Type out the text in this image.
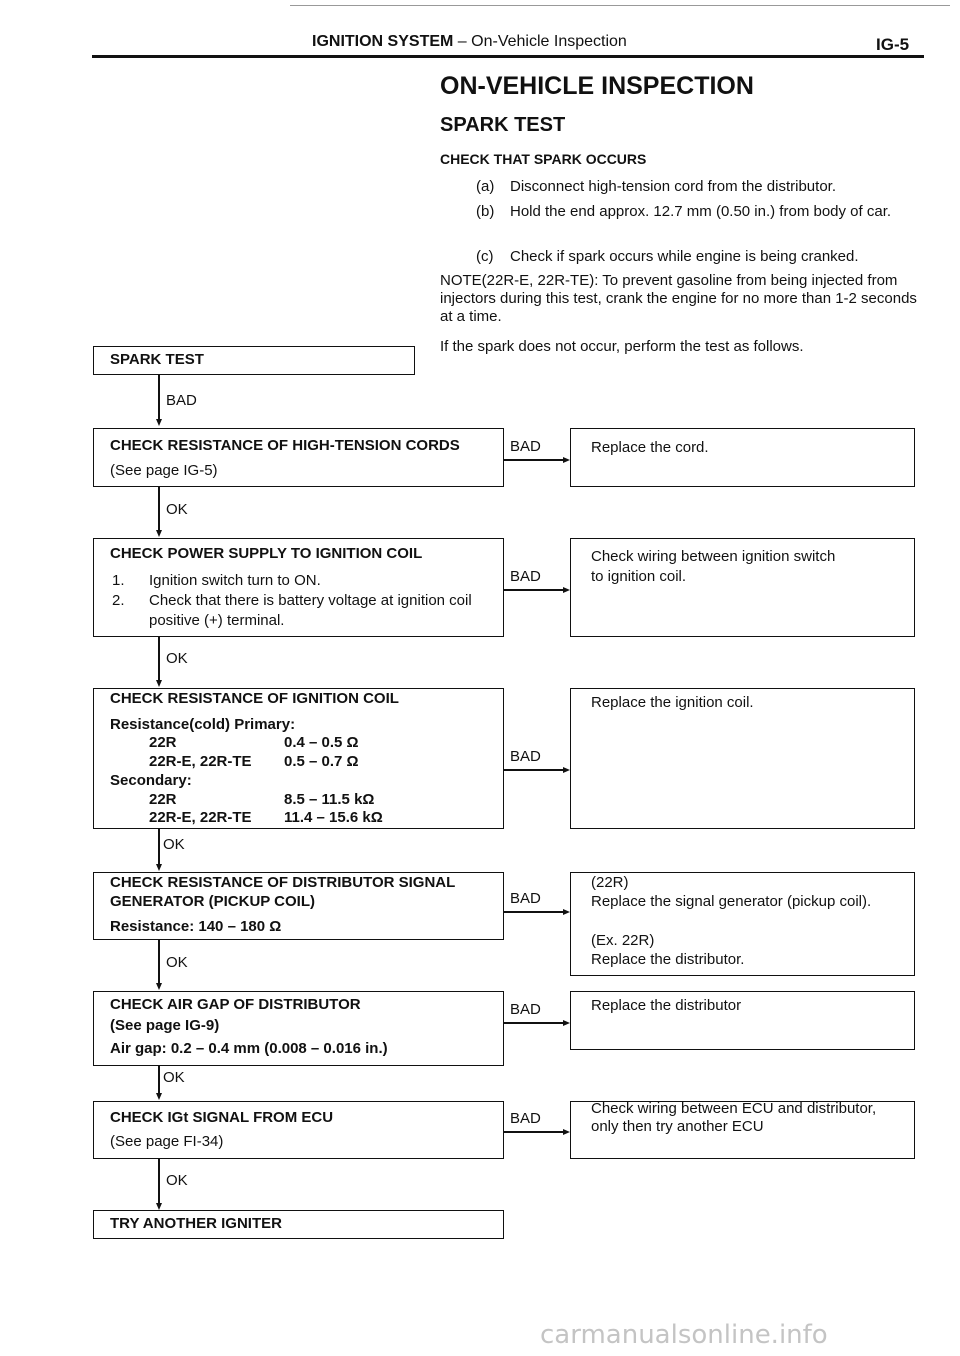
IGNITION SYSTEM – On-Vehicle Inspection	IG-5
ON-VEHICLE INSPECTION
SPARK TEST
CHECK THAT SPARK OCCURS
(a) Disconnect high-tension cord from the distributor.
(b) Hold the end approx. 12.7 mm (0.50 in.) from body of car.
(c) Check if spark occurs while engine is being cranked.
NOTE(22R-E, 22R-TE): To prevent gasoline from being injected from injectors during this test, crank the engine for no more than 1-2 seconds at a time.
If the spark does not occur, perform the test as follows.
SPARK TEST
BAD
CHECK RESISTANCE OF HIGH-TENSION CORDS
(See page IG-5)
BAD	Replace the cord.
OK
CHECK POWER SUPPLY TO IGNITION COIL
1. Ignition switch turn to ON.
2. Check that there is battery voltage at ignition coil positive (+) terminal.
BAD
Check wiring between ignition switch to ignition coil.
OK
CHECK RESISTANCE OF IGNITION COIL
Resistance(cold) Primary:
22R	0.4 – 0.5 Ω
22R-E, 22R-TE 0.5 – 0.7 Ω
Secondary:
22R	8.5 – 11.5 kΩ
22R-E, 22R-TE 11.4 – 15.6 kΩ
BAD
Replace the ignition coil.
OK
CHECK RESISTANCE OF DISTRIBUTOR SIGNAL GENERATOR (PICKUP COIL)
Resistance: 140 – 180 Ω
BAD
(22R)
Replace the signal generator (pickup coil).
(Ex. 22R)
Replace the distributor.
OK
CHECK AIR GAP OF DISTRIBUTOR
(See page IG-9)
Air gap: 0.2 – 0.4 mm (0.008 – 0.016 in.)
BAD	Replace the distributor
OK
CHECK IGt SIGNAL FROM ECU
(See page FI-34)
BAD
Check wiring between ECU and distributor, only then try another ECU
OK
TRY ANOTHER IGNITER
carmanualsonline.info
